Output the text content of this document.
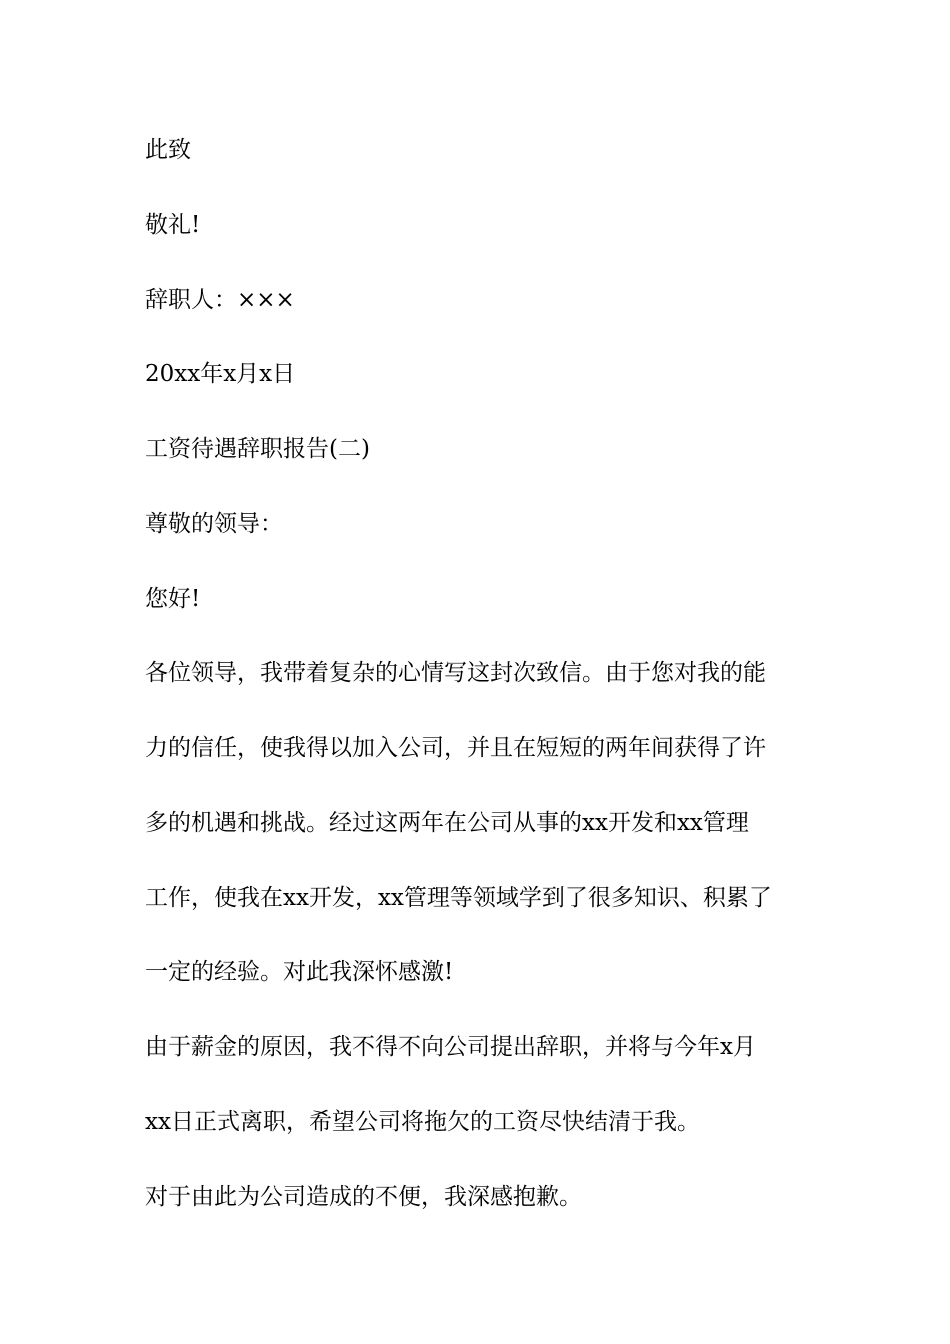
此致
敬礼!
辞职人：×××
20xx年x月x日
工资待遇辞职报告(二)
尊敬的领导：
您好!
各位领导，我带着复杂的心情写这封次致信。由于您对我的能
力的信任，使我得以加入公司，并且在短短的两年间获得了许
多的机遇和挑战。经过这两年在公司从事的xx开发和xx管理
工作，使我在xx开发，xx管理等领域学到了很多知识、积累了
一定的经验。对此我深怀感激!
由于薪金的原因，我不得不向公司提出辞职，并将与今年x月
xx日正式离职，希望公司将拖欠的工资尽快结清于我。
对于由此为公司造成的不便，我深感抱歉。
